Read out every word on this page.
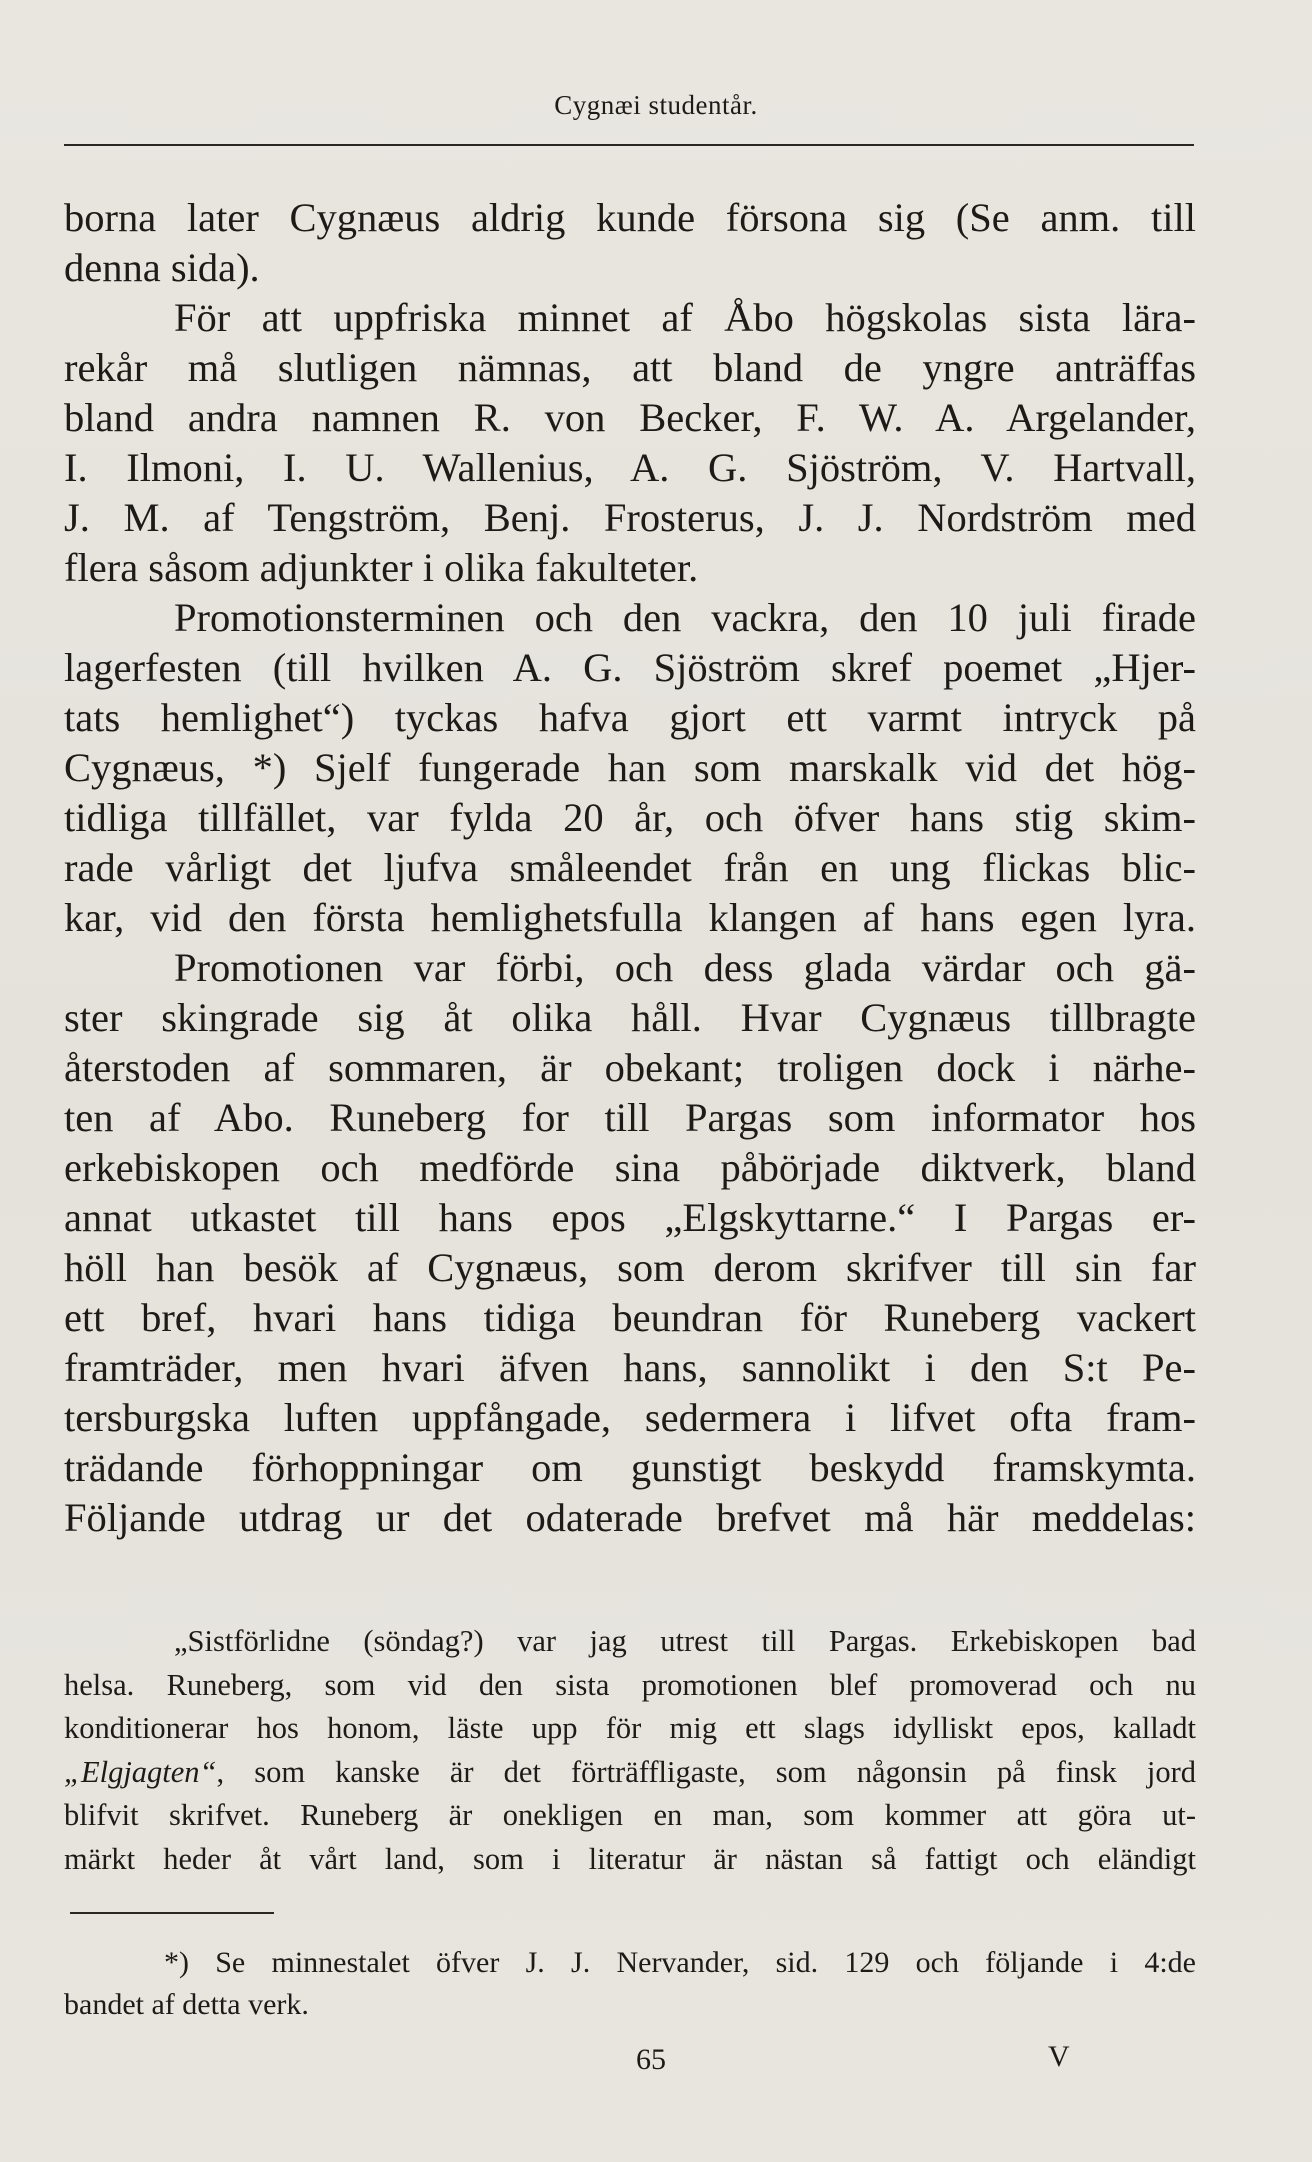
Cygnæi studentår.
borna later Cygnæus aldrig kunde försona sig (Se anm. till
denna sida).
För att uppfriska minnet af Åbo högskolas sista lära-
rekår må slutligen nämnas, att bland de yngre anträffas
bland andra namnen R. von Becker, F. W. A. Argelander,
I. Ilmoni, I. U. Wallenius, A. G. Sjöström, V. Hartvall,
J. M. af Tengström, Benj. Frosterus, J. J. Nordström med
flera såsom adjunkter i olika fakulteter.
Promotionsterminen och den vackra, den 10 juli firade
lagerfesten (till hvilken A. G. Sjöström skref poemet „Hjer-
tats hemlighet“) tyckas hafva gjort ett varmt intryck på
Cygnæus, *) Sjelf fungerade han som marskalk vid det hög-
tidliga tillfället, var fylda 20 år, och öfver hans stig skim-
rade vårligt det ljufva småleendet från en ung flickas blic-
kar, vid den första hemlighetsfulla klangen af hans egen lyra.
Promotionen var förbi, och dess glada värdar och gä-
ster skingrade sig åt olika håll. Hvar Cygnæus tillbragte
återstoden af sommaren, är obekant; troligen dock i närhe-
ten af Abo. Runeberg for till Pargas som informator hos
erkebiskopen och medförde sina påbörjade diktverk, bland
annat utkastet till hans epos „Elgskyttarne.“ I Pargas er-
höll han besök af Cygnæus, som derom skrifver till sin far
ett bref, hvari hans tidiga beundran för Runeberg vackert
framträder, men hvari äfven hans, sannolikt i den S:t Pe-
tersburgska luften uppfångade, sedermera i lifvet ofta fram-
trädande förhoppningar om gunstigt beskydd framskymta.
Följande utdrag ur det odaterade brefvet må här meddelas:
„Sistförlidne (söndag?) var jag utrest till Pargas. Erkebiskopen bad
helsa. Runeberg, som vid den sista promotionen blef promoverad och nu
konditionerar hos honom, läste upp för mig ett slags idylliskt epos, kalladt
„Elgjagten“, som kanske är det förträffligaste, som någonsin på finsk jord
blifvit skrifvet. Runeberg är onekligen en man, som kommer att göra ut-
märkt heder åt vårt land, som i literatur är nästan så fattigt och eländigt
*) Se minnestalet öfver J. J. Nervander, sid. 129 och följande i 4:de
bandet af detta verk.
65	V
